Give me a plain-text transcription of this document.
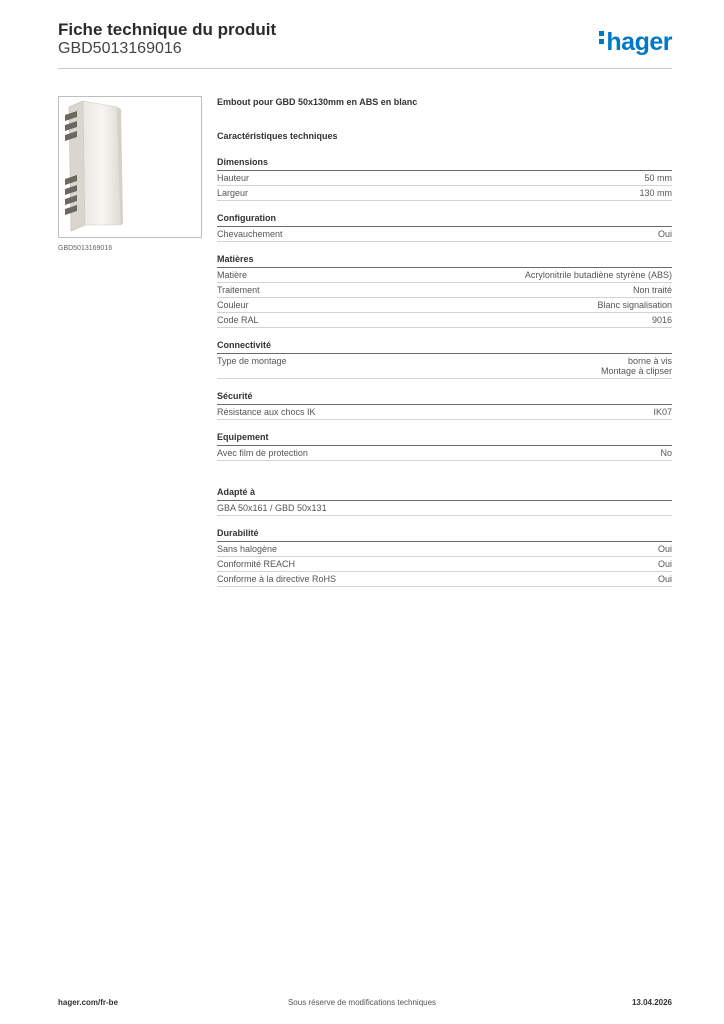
Fiche technique du produit
GBD5013169016	hager
GBD5013169016
Embout pour GBD 50x130mm en ABS en blanc
Caractéristiques techniques
Dimensions
Hauteur	50 mm
Largeur	130 mm
Configuration
Chevauchement	Oui
Matières
Matière	Acrylonitrile butadiène styrène (ABS)
Traitement	Non traité
Couleur	Blanc signalisation
Code RAL	9016
Connectivité
Type de montage	borne à vis
Montage à clipser
Sécurité
Résistance aux chocs IK	IK07
Equipement
Avec film de protection	No
Adapté à
GBA 50x161 / GBD 50x131
Durabilité
Sans halogène	Oui
Conformité REACH	Oui
Conforme à la directive RoHS	Oui
hager.com/fr-be	Sous réserve de modifications techniques	13.04.2026
